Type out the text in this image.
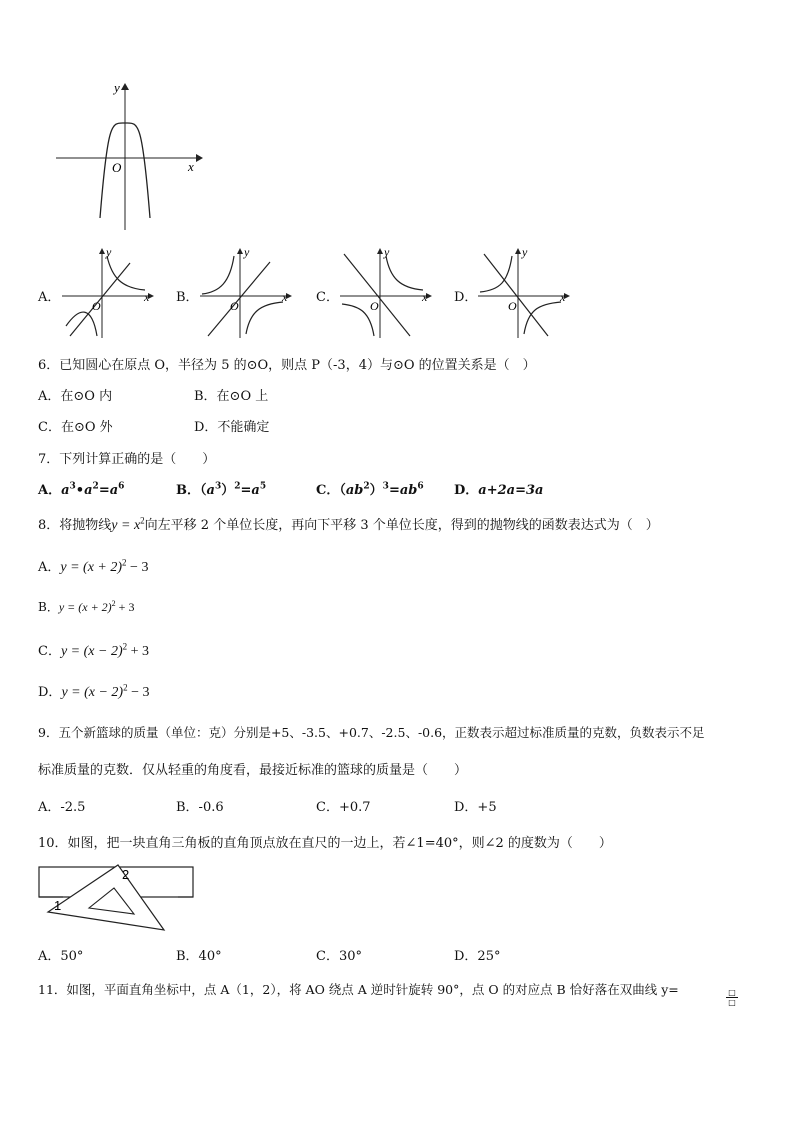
x
y
O
A．	x
y
O
B．	x
y
O
C．	x
y
O
D．	x
y
O
6．已知圆心在原点 O，半径为 5 的⊙O，则点 P（-3，4）与⊙O 的位置关系是（　）
A．在⊙O 内	B．在⊙O 上
C．在⊙O 外	D．不能确定
7．下列计算正确的是（　　）
A．$a^3•a^2=a^6$	B．$(a^3)^2=a^5$	C．$(ab^2)^3=ab^6$ D．a+2a=3a
8．将抛物线$y = x^2$向左平移 2 个单位长度，再向下平移 3 个单位长度，得到的抛物线的函数表达式为（　）
A．$y = (x + 2)^2 - 3$
B．$y = (x + 2)^2 + 3$
C．$y = (x - 2)^2 + 3$
D．$y = (x - 2)^2 - 3$
9．五个新篮球的质量（单位：克）分别是+5、-3.5、+0.7、-2.5、-0.6，正数表示超过标准质量的克数，负数表示不足
标准质量的克数．仅从轻重的角度看，最接近标准的篮球的质量是（　　）
A．-2.5	B．-0.6	C．+0.7	D．+5
10．如图，把一块直角三角板的直角顶点放在直尺的一边上，若∠1=40°，则∠2 的度数为（　　）
1
2
A．50°	B．40°	C．30°	D．25°
11．如图，平面直角坐标中，点 A（1，2），将 AO 绕点 A 逆时针旋转 90°，点 O 的对应点 B 恰好落在双曲线 y=	□
□
